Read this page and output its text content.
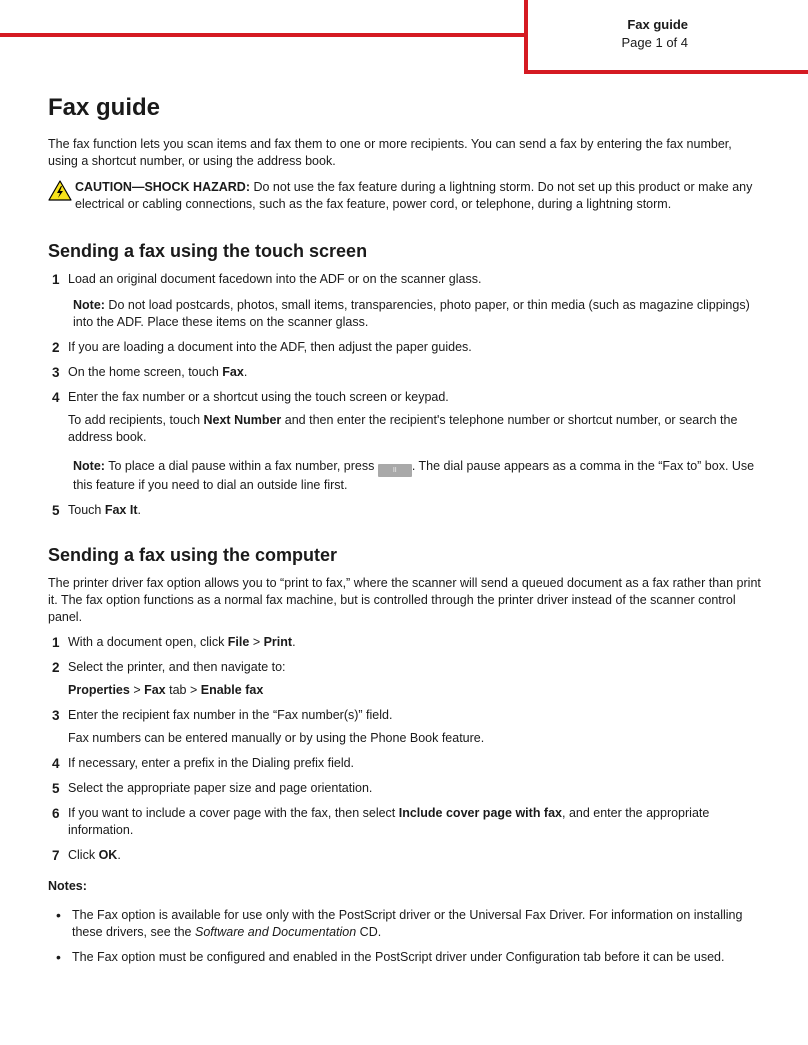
Fax guide
Page 1 of 4
Fax guide

The fax function lets you scan items and fax them to one or more recipients. You can send a fax by entering the fax number, using a shortcut number, or using the address book.

CAUTION—SHOCK HAZARD: Do not use the fax feature during a lightning storm. Do not set up this product or make any electrical or cabling connections, such as the fax feature, power cord, or telephone, during a lightning storm.
Sending a fax using the touch screen
1 Load an original document facedown into the ADF or on the scanner glass.
Note: Do not load postcards, photos, small items, transparencies, photo paper, or thin media (such as magazine clippings) into the ADF. Place these items on the scanner glass.
2 If you are loading a document into the ADF, then adjust the paper guides.
3 On the home screen, touch Fax.
4 Enter the fax number or a shortcut using the touch screen or keypad.
To add recipients, touch Next Number and then enter the recipient's telephone number or shortcut number, or search the address book.
Note: To place a dial pause within a fax number, press II . The dial pause appears as a comma in the “Fax to” box. Use this feature if you need to dial an outside line first.
5 Touch Fax It.
Sending a fax using the computer

The printer driver fax option allows you to “print to fax,” where the scanner will send a queued document as a fax rather than print it. The fax option functions as a normal fax machine, but is controlled through the printer driver instead of the scanner control panel.

1 With a document open, click File > Print.
2 Select the printer, and then navigate to:
Properties > Fax tab > Enable fax
3 Enter the recipient fax number in the “Fax number(s)” field.
Fax numbers can be entered manually or by using the Phone Book feature.
4 If necessary, enter a prefix in the Dialing prefix field.
5 Select the appropriate paper size and page orientation.
6 If you want to include a cover page with the fax, then select Include cover page with fax, and enter the appropriate information.
7 Click OK.
Notes:
• The Fax option is available for use only with the PostScript driver or the Universal Fax Driver. For information on installing these drivers, see the Software and Documentation CD.
• The Fax option must be configured and enabled in the PostScript driver under Configuration tab before it can be used.
